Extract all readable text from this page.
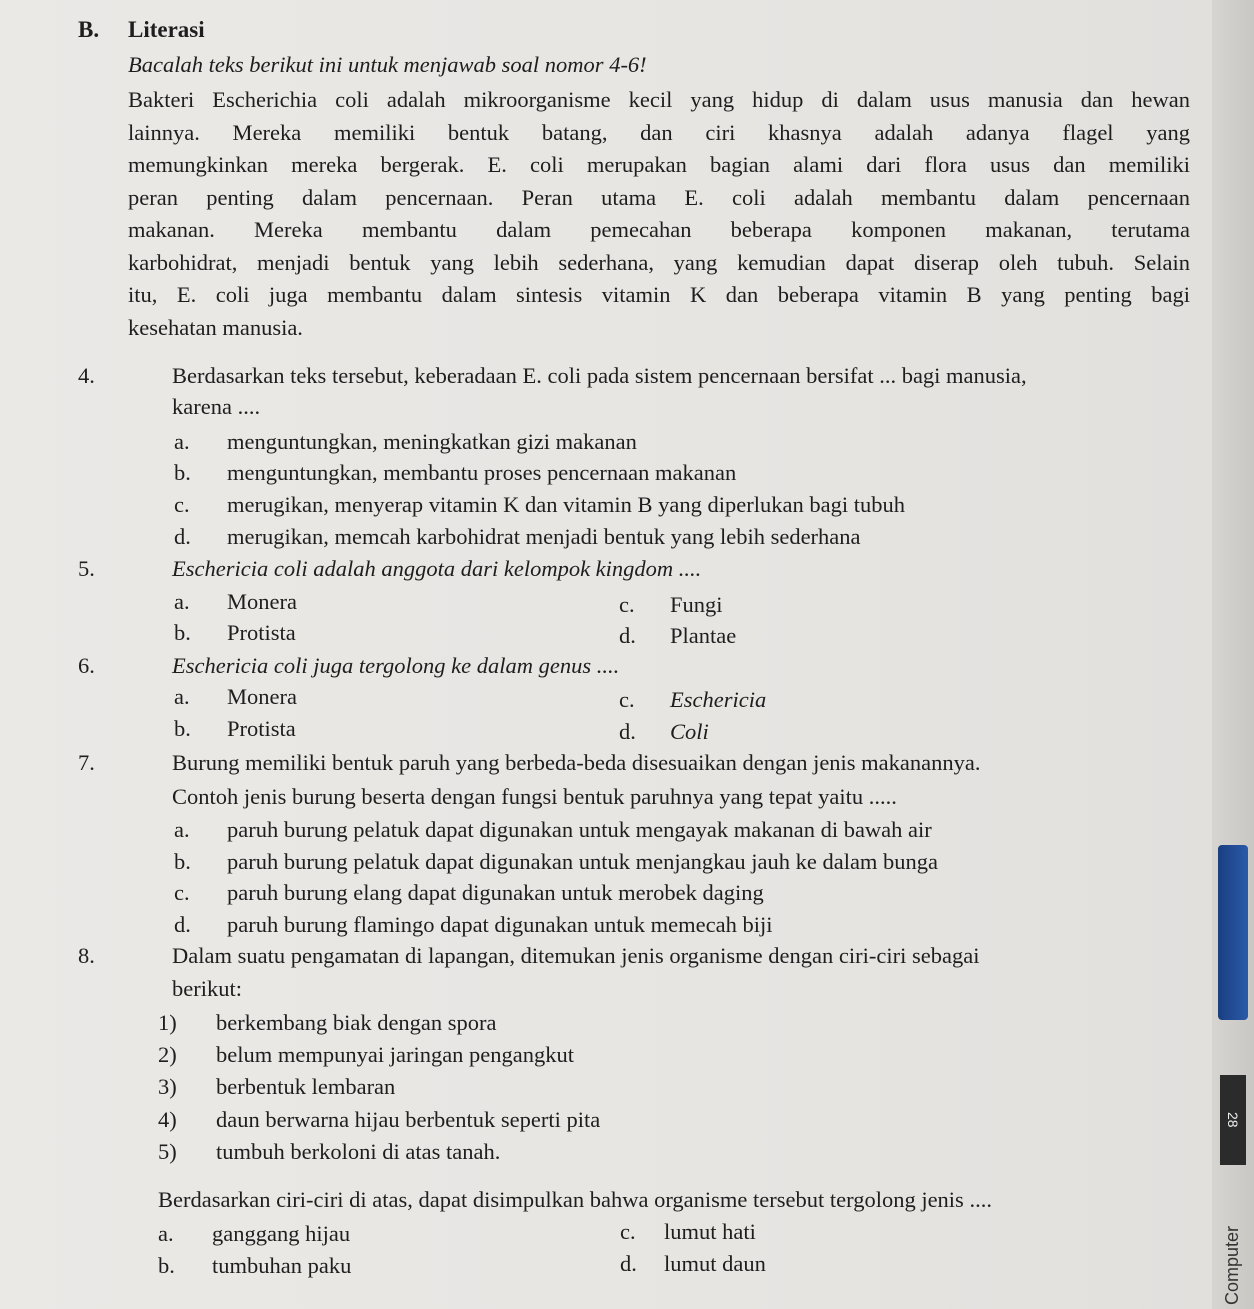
28
Computer
B. Literasi
Bacalah teks berikut ini untuk menjawab soal nomor 4-6!
Bakteri Escherichia coli adalah mikroorganisme kecil yang hidup di dalam usus manusia dan hewan
lainnya. Mereka memiliki bentuk batang, dan ciri khasnya adalah adanya flagel yang
memungkinkan mereka bergerak. E. coli merupakan bagian alami dari flora usus dan memiliki
peran penting dalam pencernaan. Peran utama E. coli adalah membantu dalam pencernaan
makanan. Mereka membantu dalam pemecahan beberapa komponen makanan, terutama
karbohidrat, menjadi bentuk yang lebih sederhana, yang kemudian dapat diserap oleh tubuh. Selain
itu, E. coli juga membantu dalam sintesis vitamin K dan beberapa vitamin B yang penting bagi
kesehatan manusia.
4.	Berdasarkan teks tersebut, keberadaan E. coli pada sistem pencernaan bersifat ... bagi manusia,
karena ....
a. menguntungkan, meningkatkan gizi makanan
b. menguntungkan, membantu proses pencernaan makanan
c. merugikan, menyerap vitamin K dan vitamin B yang diperlukan bagi tubuh
d. merugikan, memcah karbohidrat menjadi bentuk yang lebih sederhana
5.	Eschericia coli adalah anggota dari kelompok kingdom ....
a. Monera	c. Fungi
b. Protista	d. Plantae
6.	Eschericia coli juga tergolong ke dalam genus ....
a. Monera	c. Eschericia
b. Protista	d. Coli
7.	Burung memiliki bentuk paruh yang berbeda-beda disesuaikan dengan jenis makanannya.
Contoh jenis burung beserta dengan fungsi bentuk paruhnya yang tepat yaitu .....
a. paruh burung pelatuk dapat digunakan untuk mengayak makanan di bawah air
b. paruh burung pelatuk dapat digunakan untuk menjangkau jauh ke dalam bunga
c. paruh burung elang dapat digunakan untuk merobek daging
d. paruh burung flamingo dapat digunakan untuk memecah biji
8.	Dalam suatu pengamatan di lapangan, ditemukan jenis organisme dengan ciri-ciri sebagai
berikut:
1) berkembang biak dengan spora
2) belum mempunyai jaringan pengangkut
3) berbentuk lembaran
4) daun berwarna hijau berbentuk seperti pita
5) tumbuh berkoloni di atas tanah.
Berdasarkan ciri-ciri di atas, dapat disimpulkan bahwa organisme tersebut tergolong jenis ....
a. ganggang hijau	c. lumut hati
b. tumbuhan paku	d. lumut daun
